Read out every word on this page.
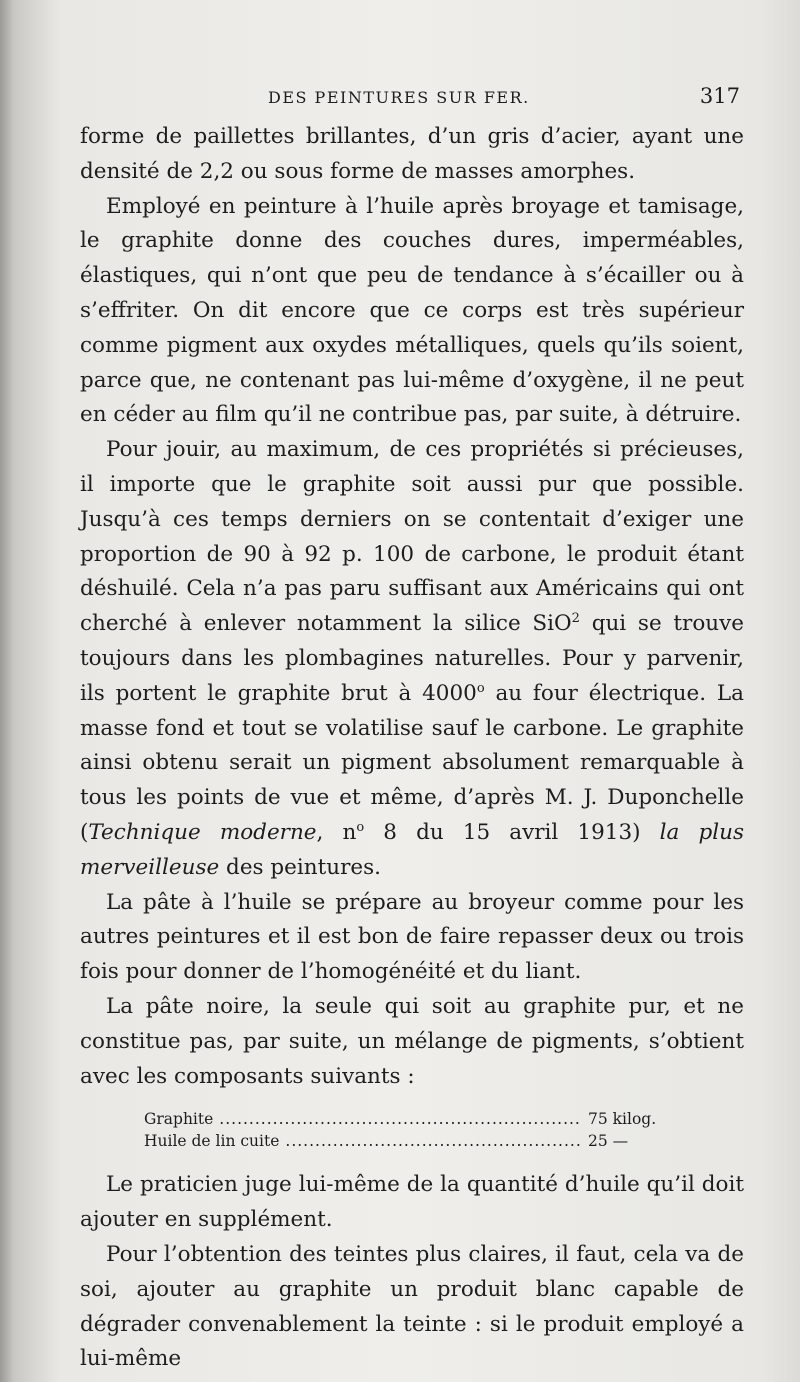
DES PEINTURES SUR FER.	317

forme de paillettes brillantes, d’un gris d’acier, ayant une densité de 2,2 ou sous forme de masses amorphes.

Employé en peinture à l’huile après broyage et tamisage, le graphite donne des couches dures, imperméables, élastiques, qui n’ont que peu de tendance à s’écailler ou à s’effriter. On dit encore que ce corps est très supérieur comme pigment aux oxydes métalliques, quels qu’ils soient, parce que, ne contenant pas lui-même d’oxygène, il ne peut en céder au film qu’il ne contribue pas, par suite, à détruire.

Pour jouir, au maximum, de ces propriétés si précieuses, il importe que le graphite soit aussi pur que possible. Jusqu’à ces temps derniers on se contentait d’exiger une proportion de 90 à 92 p. 100 de carbone, le produit étant déshuilé. Cela n’a pas paru suffisant aux Américains qui ont cherché à enlever notamment la silice SiO$^2$ qui se trouve toujours dans les plombagines naturelles. Pour y parvenir, ils portent le graphite brut à 4000$^o$ au four électrique. La masse fond et tout se volatilise sauf le carbone. Le graphite ainsi obtenu serait un pigment absolument remarquable à tous les points de vue et même, d’après M. J. Duponchelle (Technique moderne, $n^o$ 8 du 15 avril 1913) la plus merveilleuse des peintures.

La pâte à l’huile se prépare au broyeur comme pour les autres peintures et il est bon de faire repasser deux ou trois fois pour donner de l’homogénéité et du liant.

La pâte noire, la seule qui soit au graphite pur, et ne constitue pas, par suite, un mélange de pigments, s’obtient avec les composants suivants :

Graphite .....	75 kilog.
Huile de lin cuite .....	25 —

Le praticien juge lui-même de la quantité d’huile qu’il doit ajouter en supplément.

Pour l’obtention des teintes plus claires, il faut, cela va de soi, ajouter au graphite un produit blanc capable de dégrader convenablement la teinte : si le produit employé a lui-même
